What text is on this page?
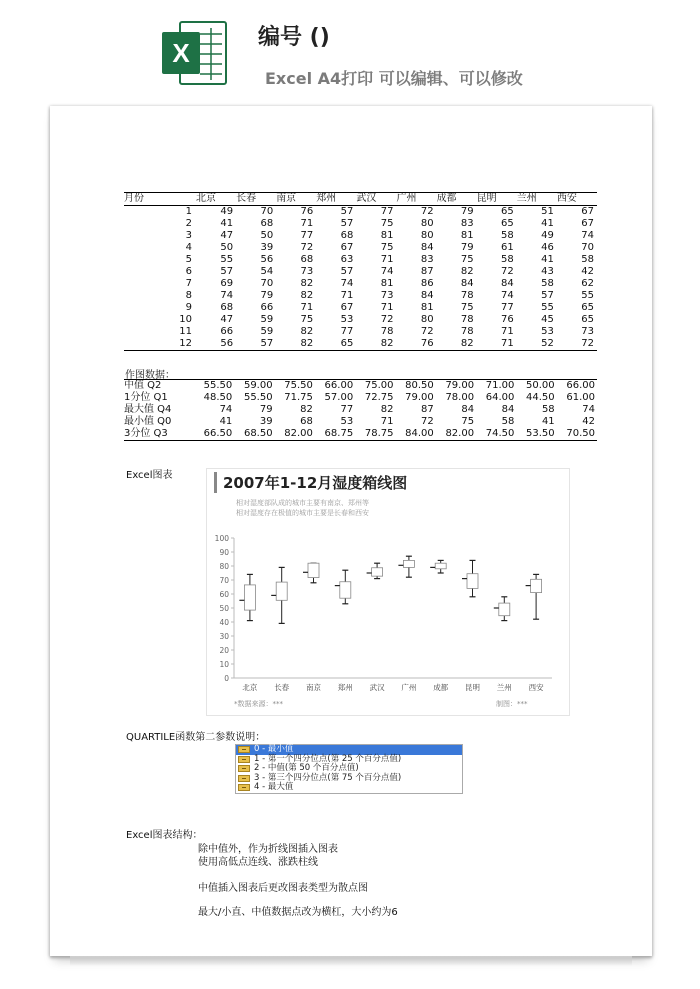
X
编号 ()
Excel A4打印 可以编辑、可以修改
月份	北京	长春	南京	郑州	武汉	广州	成都	昆明	兰州	西安
1	49	70	76	57	77	72	79	65	51	67
2	41	68	71	57	75	80	83	65	41	67
3	47	50	77	68	81	80	81	58	49	74
4	50	39	72	67	75	84	79	61	46	70
5	55	56	68	63	71	83	75	58	41	58
6	57	54	73	57	74	87	82	72	43	42
7	69	70	82	74	81	86	84	84	58	62
8	74	79	82	71	73	84	78	74	57	55
9	68	66	71	67	71	81	75	77	55	65
10	47	59	75	53	72	80	78	76	45	65
11	66	59	82	77	78	72	78	71	53	73
12	56	57	82	65	82	76	82	71	52	72
作图数据：
中值 Q2	55.50	59.00	75.50	66.00	75.00	80.50	79.00	71.00	50.00	66.00
1分位 Q1	48.50	55.50	71.75	57.00	72.75	79.00	78.00	64.00	44.50	61.00
最大值 Q4	74	79	82	77	82	87	84	84	58	74
最小值 Q0	41	39	68	53	71	72	75	58	41	42
3分位 Q3	66.50	68.50	82.00	68.75	78.75	84.00	82.00	74.50	53.50	70.50
Excel图表
0
10
20
30
40
50
60
70
80
90
100
北京 长春 南京 郑州 武汉 广州 成都 昆明 兰州 西安
*数据来源：***	制图：***
2007年1-12月湿度箱线图
相对湿度部队成的城市主要有南京、郑州等
相对湿度存在极值的城市主要是长春和西安
QUARTILE函数第二参数说明：
0 - 最小值
1 - 第一个四分位点(第 25 个百分点值)
2 - 中值(第 50 个百分点值)
3 - 第三个四分位点(第 75 个百分点值)
4 - 最大值
Excel图表结构：
除中值外，作为折线图插入图表
使用高低点连线、涨跌柱线
中值插入图表后更改图表类型为散点图
最大/小直、中值数据点改为横杠，大小约为6
